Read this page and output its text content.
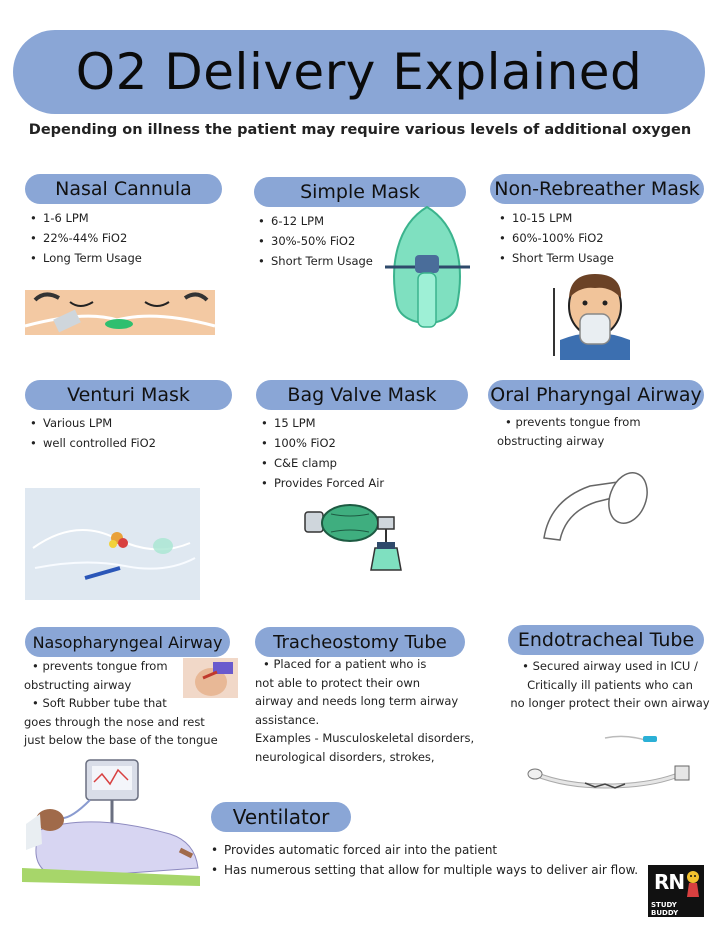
O2 Delivery Explained
Depending on illness the patient may require various levels of additional oxygen
Nasal Cannula
• 1-6 LPM
• 22%-44% FiO2
• Long Term Usage
Simple Mask
• 6-12 LPM
• 30%-50% FiO2
• Short Term Usage
Non-Rebreather Mask
• 10-15 LPM
• 60%-100% FiO2
• Short Term Usage
Venturi Mask
• Various LPM
• well controlled FiO2
Bag Valve Mask
• 15 LPM
• 100% FiO2
• C&E clamp
• Provides Forced Air
Oral Pharyngal Airway
• prevents tongue from
obstructing airway
Nasopharyngeal Airway
• prevents tongue from
obstructing airway
• Soft Rubber tube that
goes through the nose and rest
just below the base of the tongue
Tracheostomy Tube
• Placed for a patient who is
not able to protect their own
airway and needs long term airway
assistance.
Examples - Musculoskeletal disorders,
neurological disorders, strokes,
Endotracheal Tube
• Secured airway used in ICU /
Critically ill patients who can
no longer protect their own airway
Ventilator
• Provides automatic forced air into the patient
• Has numerous setting that allow for multiple ways to deliver air flow. RN
STUDY BUDDY
